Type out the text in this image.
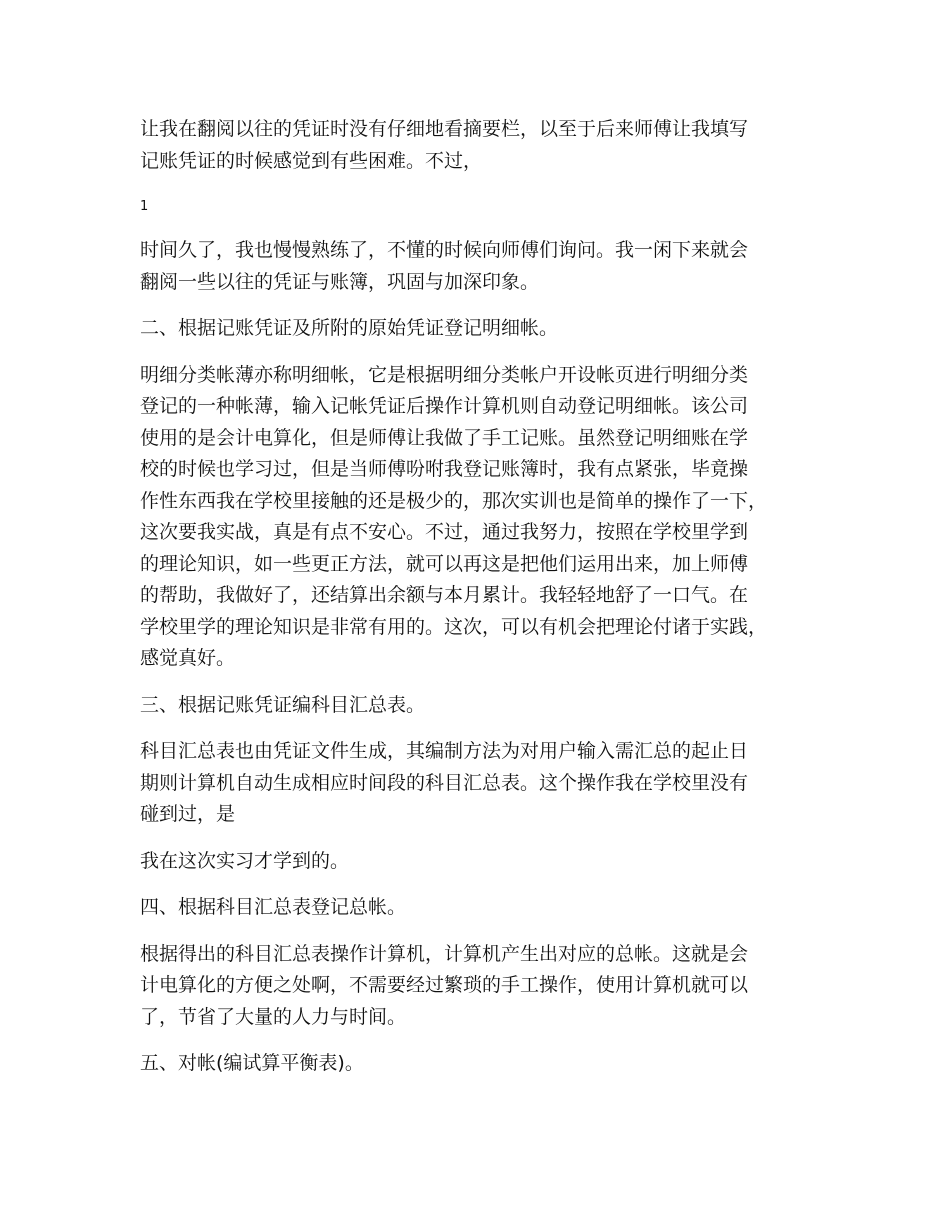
让我在翻阅以往的凭证时没有仔细地看摘要栏，以至于后来师傅让我填写
记账凭证的时候感觉到有些困难。不过，

1

时间久了，我也慢慢熟练了，不懂的时候向师傅们询问。我一闲下来就会
翻阅一些以往的凭证与账簿，巩固与加深印象。

二、根据记账凭证及所附的原始凭证登记明细帐。

明细分类帐薄亦称明细帐，它是根据明细分类帐户开设帐页进行明细分类
登记的一种帐薄，输入记帐凭证后操作计算机则自动登记明细帐。该公司
使用的是会计电算化，但是师傅让我做了手工记账。虽然登记明细账在学
校的时候也学习过，但是当师傅吩咐我登记账簿时，我有点紧张，毕竟操
作性东西我在学校里接触的还是极少的，那次实训也是简单的操作了一下，
这次要我实战，真是有点不安心。不过，通过我努力，按照在学校里学到
的理论知识，如一些更正方法，就可以再这是把他们运用出来，加上师傅
的帮助，我做好了，还结算出余额与本月累计。我轻轻地舒了一口气。在
学校里学的理论知识是非常有用的。这次，可以有机会把理论付诸于实践，
感觉真好。

三、根据记账凭证编科目汇总表。

科目汇总表也由凭证文件生成，其编制方法为对用户输入需汇总的起止日
期则计算机自动生成相应时间段的科目汇总表。这个操作我在学校里没有
碰到过，是

我在这次实习才学到的。

四、根据科目汇总表登记总帐。

根据得出的科目汇总表操作计算机，计算机产生出对应的总帐。这就是会
计电算化的方便之处啊，不需要经过繁琐的手工操作，使用计算机就可以
了，节省了大量的人力与时间。

五、对帐(编试算平衡表)。
